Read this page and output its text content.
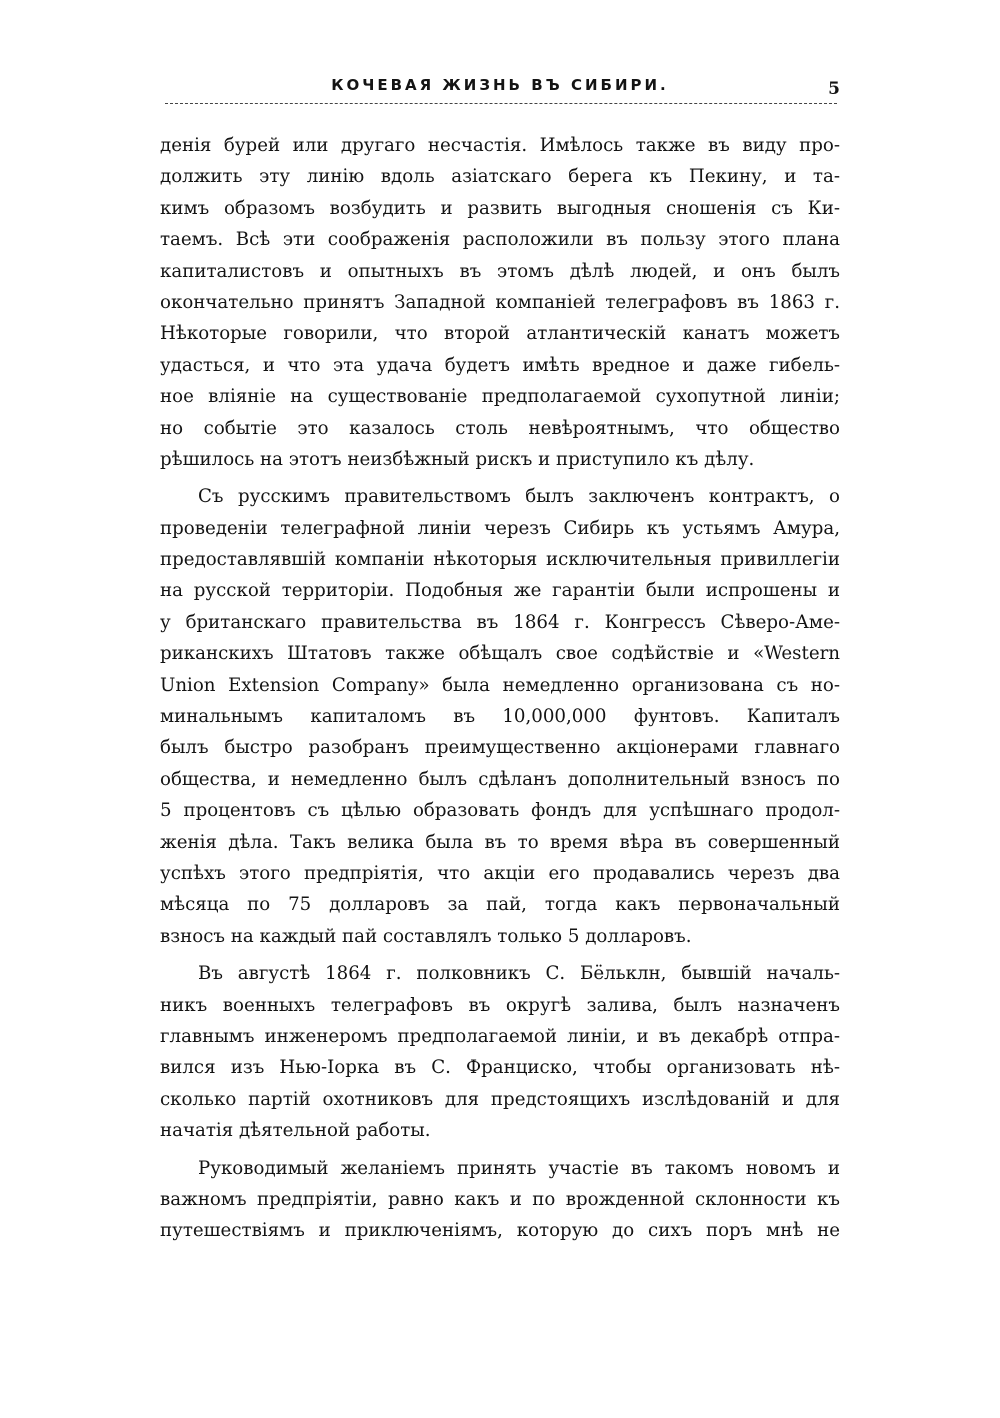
КОЧЕВАЯ ЖИЗНЬ ВЪ СИБИРИ.	5
денія бурей или другаго несчастія. Имѣлось также въ виду про-
должить эту линію вдоль азіатскаго берега къ Пекину, и та-
кимъ образомъ возбудить и развить выгодныя сношенія съ Ки-
таемъ. Всѣ эти соображенія расположили въ пользу этого плана
капиталистовъ и опытныхъ въ этомъ дѣлѣ людей, и онъ былъ
окончательно принятъ Западной компаніей телеграфовъ въ 1863 г.
Нѣкоторые говорили, что второй атлантическій канатъ можетъ
удасться, и что эта удача будетъ имѣть вредное и даже гибель-
ное вліяніе на существованіе предполагаемой сухопутной линіи;
но событіе это казалось столь невѣроятнымъ, что общество
рѣшилось на этотъ неизбѣжный рискъ и приступило къ дѣлу.
Съ русскимъ правительствомъ былъ заключенъ контрактъ, о
проведеніи телеграфной линіи черезъ Сибирь къ устьямъ Амура,
предоставлявшій компаніи нѣкоторыя исключительныя привиллегіи
на русской территоріи. Подобныя же гарантіи были испрошены и
у британскаго правительства въ 1864 г. Конгрессъ Сѣверо-Аме-
риканскихъ Штатовъ также обѣщалъ свое содѣйствіе и «Western
Union Extension Company» была немедленно организована съ но-
минальнымъ капиталомъ въ 10,000,000 фунтовъ. Капиталъ
былъ быстро разобранъ преимущественно акціонерами главнаго
общества, и немедленно былъ сдѣланъ дополнительный взносъ по
5 процентовъ съ цѣлью образовать фондъ для успѣшнаго продол-
женія дѣла. Такъ велика была въ то время вѣра въ совершенный
успѣхъ этого предпріятія, что акціи его продавались черезъ два
мѣсяца по 75 долларовъ за пай, тогда какъ первоначальный
взносъ на каждый пай составлялъ только 5 долларовъ.
Въ августѣ 1864 г. полковникъ С. Бёльклн, бывшій началь-
никъ военныхъ телеграфовъ въ округѣ залива, былъ назначенъ
главнымъ инженеромъ предполагаемой линіи, и въ декабрѣ отпра-
вился изъ Нью-Іорка въ С. Франциско, чтобы организовать нѣ-
сколько партій охотниковъ для предстоящихъ изслѣдованій и для
начатія дѣятельной работы.
Руководимый желаніемъ принять участіе въ такомъ новомъ и
важномъ предпріятіи, равно какъ и по врожденной склонности къ
путешествіямъ и приключеніямъ, которую до сихъ поръ мнѣ не
